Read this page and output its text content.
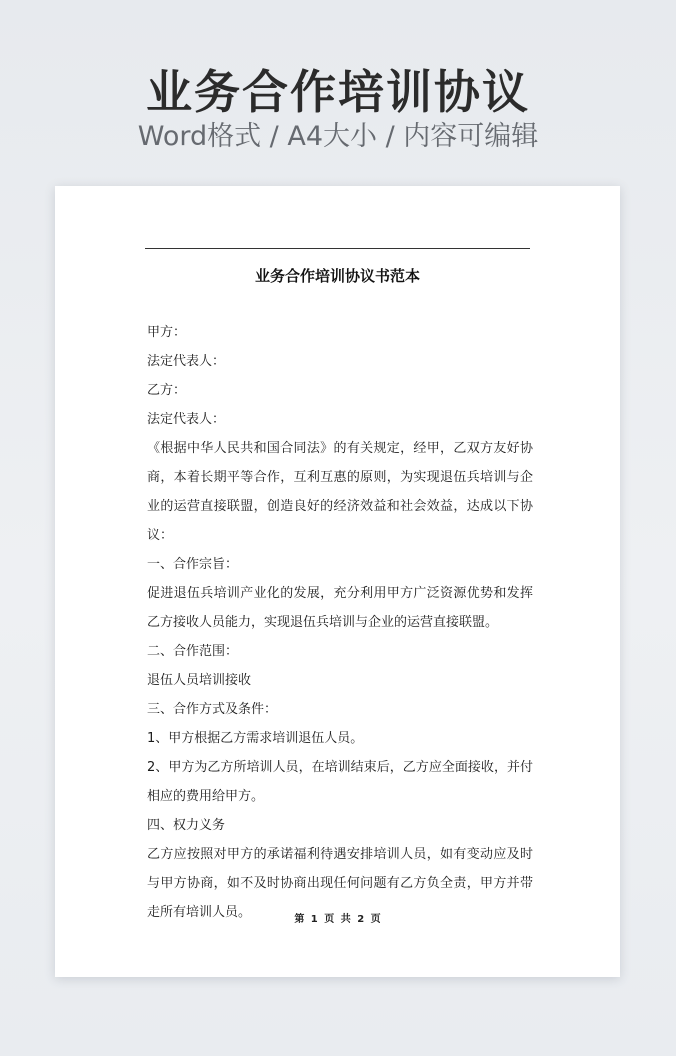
业务合作培训协议
Word格式 / A4大小 / 内容可编辑
业务合作培训协议书范本

甲方：

法定代表人：

乙方：

法定代表人：

《根据中华人民共和国合同法》的有关规定，经甲，乙双方友好协商，本着长期平等合作，互利互惠的原则，为实现退伍兵培训与企业的运营直接联盟，创造良好的经济效益和社会效益，达成以下协议：

一、合作宗旨：

促进退伍兵培训产业化的发展，充分利用甲方广泛资源优势和发挥乙方接收人员能力，实现退伍兵培训与企业的运营直接联盟。

二、合作范围：

退伍人员培训接收

三、合作方式及条件：

1、甲方根据乙方需求培训退伍人员。

2、甲方为乙方所培训人员，在培训结束后，乙方应全面接收，并付相应的费用给甲方。

四、权力义务

乙方应按照对甲方的承诺福利待遇安排培训人员，如有变动应及时与甲方协商，如不及时协商出现任何问题有乙方负全责，甲方并带走所有培训人员。	第 1 页 共 2 页
